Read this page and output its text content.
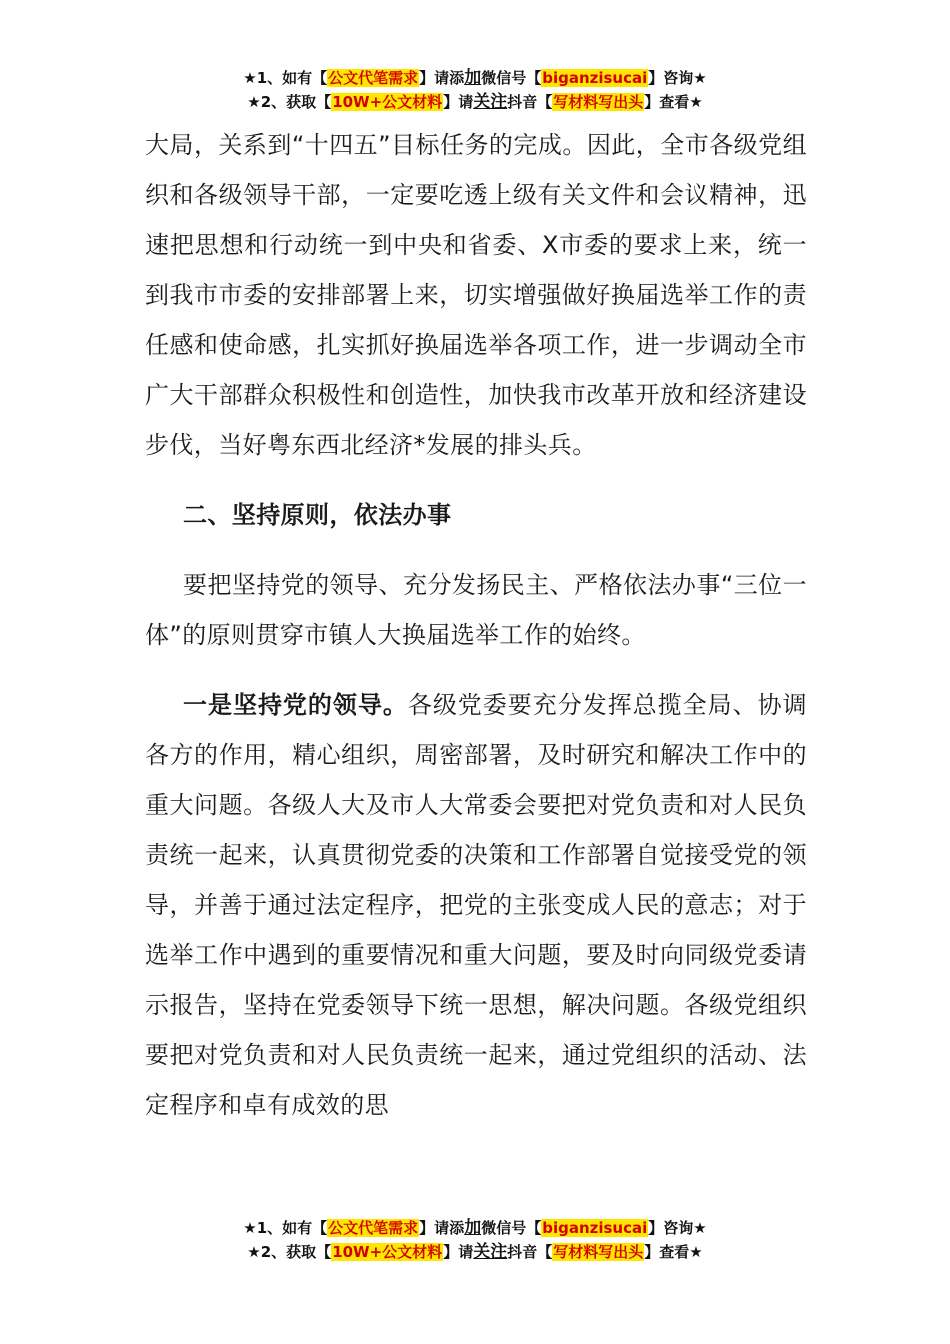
★1、如有【公文代笔需求】请添加微信号【biganzisucai】咨询★
★2、获取【10W+公文材料】请关注抖音【写材料写出头】查看★

大局，关系到“十四五”目标任务的完成。因此，全市各级党组织和各级领导干部，一定要吃透上级有关文件和会议精神，迅速把思想和行动统一到中央和省委、X市委的要求上来，统一到我市市委的安排部署上来，切实增强做好换届选举工作的责任感和使命感，扎实抓好换届选举各项工作，进一步调动全市广大干部群众积极性和创造性，加快我市改革开放和经济建设步伐，当好粤东西北经济*发展的排头兵。

二、坚持原则，依法办事

要把坚持党的领导、充分发扬民主、严格依法办事“三位一体”的原则贯穿市镇人大换届选举工作的始终。

一是坚持党的领导。各级党委要充分发挥总揽全局、协调各方的作用，精心组织，周密部署，及时研究和解决工作中的重大问题。各级人大及市人大常委会要把对党负责和对人民负责统一起来，认真贯彻党委的决策和工作部署自觉接受党的领导，并善于通过法定程序，把党的主张变成人民的意志；对于选举工作中遇到的重要情况和重大问题，要及时向同级党委请示报告，坚持在党委领导下统一思想，解决问题。各级党组织要把对党负责和对人民负责统一起来，通过党组织的活动、法定程序和卓有成效的思

★1、如有【公文代笔需求】请添加微信号【biganzisucai】咨询★
★2、获取【10W+公文材料】请关注抖音【写材料写出头】查看★
